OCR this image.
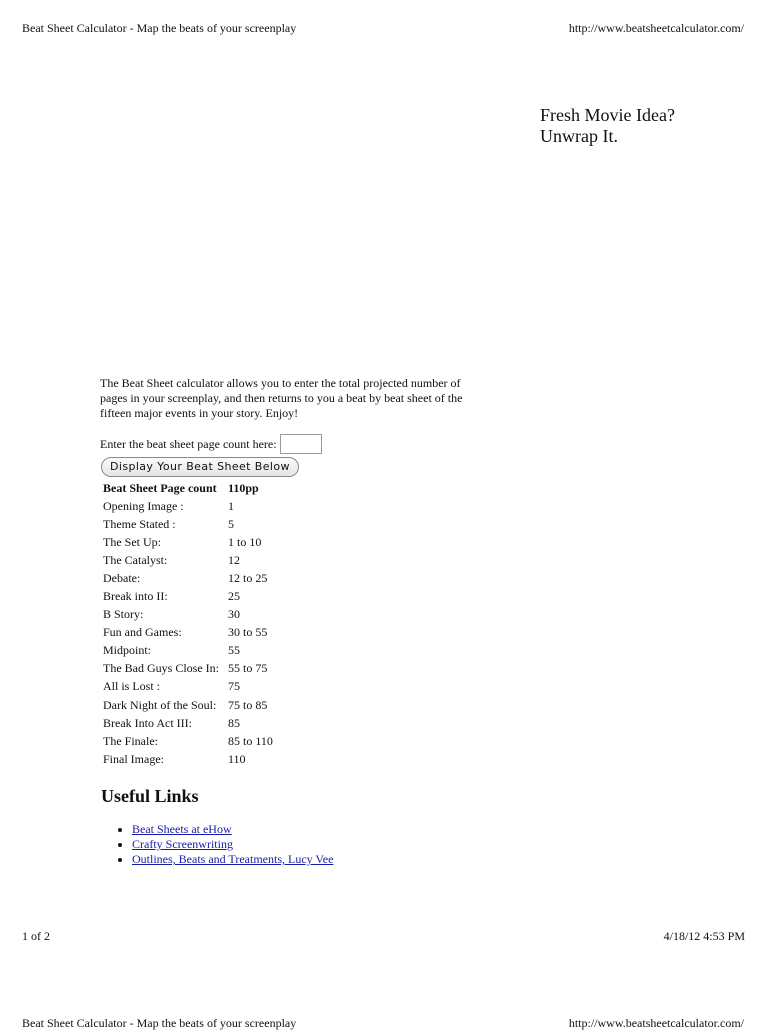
Beat Sheet Calculator - Map the beats of your screenplay	http://www.beatsheetcalculator.com/
Fresh Movie Idea?
Unwrap It.
The Beat Sheet calculator allows you to enter the total projected number of pages in your screenplay, and then returns to you a beat by beat sheet of the fifteen major events in your story. Enjoy!
Enter the beat sheet page count here:
Display Your Beat Sheet Below
Beat Sheet Page count	110pp
Opening Image :	1
Theme Stated :	5
The Set Up:	1 to 10
The Catalyst:	12
Debate:	12 to 25
Break into II:	25
B Story:	30
Fun and Games:	30 to 55
Midpoint:	55
The Bad Guys Close In:	55 to 75
All is Lost :	75
Dark Night of the Soul:	75 to 85
Break Into Act III:	85
The Finale:	85 to 110
Final Image:	110
Useful Links
• Beat Sheets at eHow
• Crafty Screenwriting
• Outlines, Beats and Treatments, Lucy Vee
1 of 2	4/18/12 4:53 PM
Beat Sheet Calculator - Map the beats of your screenplay	http://www.beatsheetcalculator.com/
